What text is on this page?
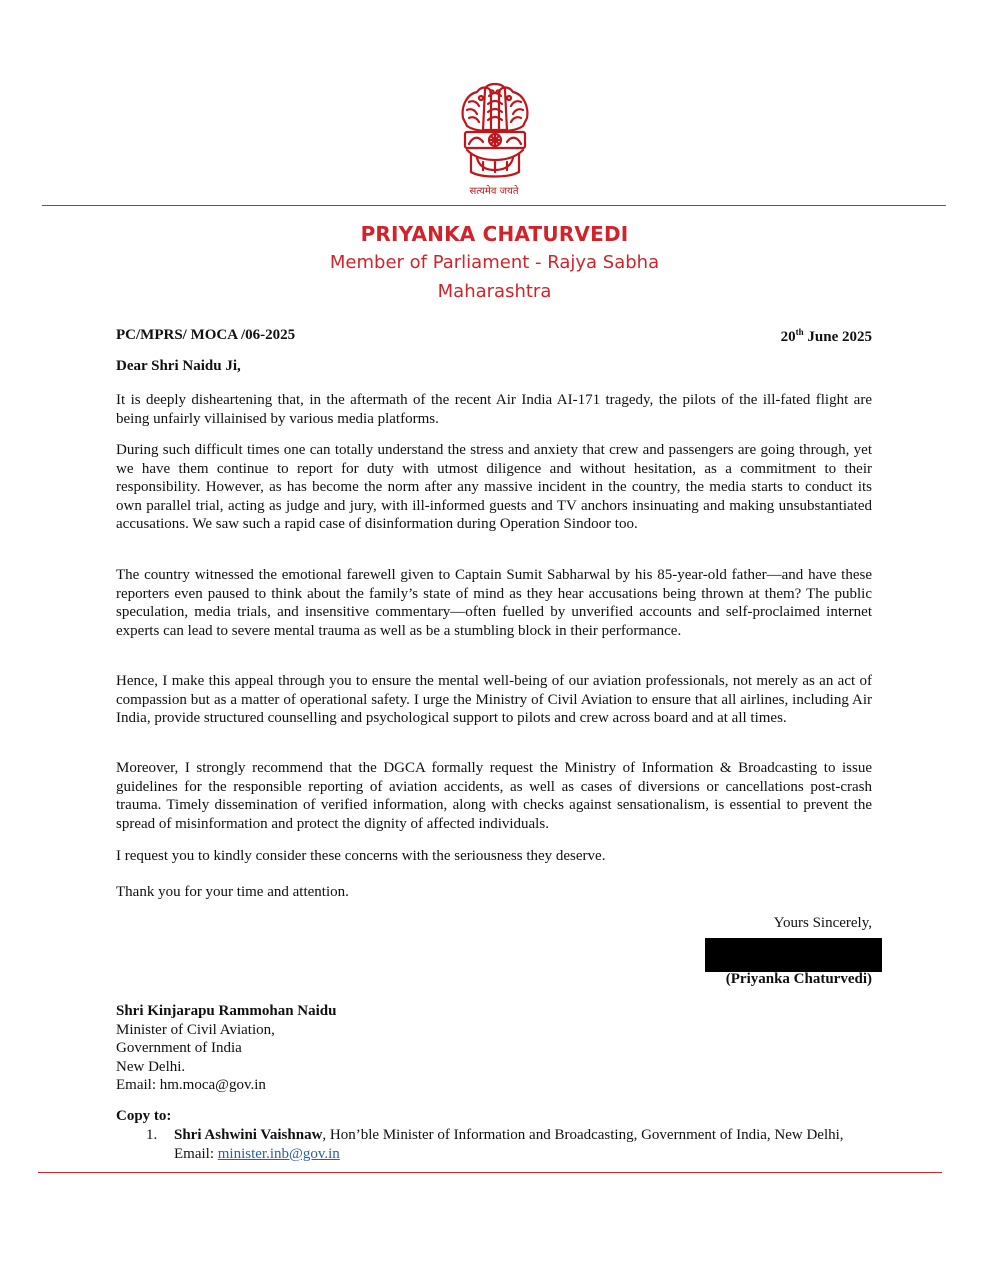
सत्यमेव जयते
PRIYANKA CHATURVEDI
Member of Parliament - Rajya Sabha
Maharashtra
PC/MPRS/ MOCA /06-2025	20th June 2025
Dear Shri Naidu Ji,

It is deeply disheartening that, in the aftermath of the recent Air India AI-171 tragedy, the pilots of the ill-fated flight are being unfairly villainised by various media platforms.

During such difficult times one can totally understand the stress and anxiety that crew and passengers are going through, yet we have them continue to report for duty with utmost diligence and without hesitation, as a commitment to their responsibility. However, as has become the norm after any massive incident in the country, the media starts to conduct its own parallel trial, acting as judge and jury, with ill-informed guests and TV anchors insinuating and making unsubstantiated accusations. We saw such a rapid case of disinformation during Operation Sindoor too.

The country witnessed the emotional farewell given to Captain Sumit Sabharwal by his 85-year-old father—and have these reporters even paused to think about the family’s state of mind as they hear accusations being thrown at them? The public speculation, media trials, and insensitive commentary—often fuelled by unverified accounts and self-proclaimed internet experts can lead to severe mental trauma as well as be a stumbling block in their performance.

Hence, I make this appeal through you to ensure the mental well-being of our aviation professionals, not merely as an act of compassion but as a matter of operational safety. I urge the Ministry of Civil Aviation to ensure that all airlines, including Air India, provide structured counselling and psychological support to pilots and crew across board and at all times.

Moreover, I strongly recommend that the DGCA formally request the Ministry of Information & Broadcasting to issue guidelines for the responsible reporting of aviation accidents, as well as cases of diversions or cancellations post-crash trauma. Timely dissemination of verified information, along with checks against sensationalism, is essential to prevent the spread of misinformation and protect the dignity of affected individuals.

I request you to kindly consider these concerns with the seriousness they deserve.

Thank you for your time and attention.

Yours Sincerely,
(Priyanka Chaturvedi)
Shri Kinjarapu Rammohan Naidu
Minister of Civil Aviation,
Government of India
New Delhi.
Email: hm.moca@gov.in
Copy to:
1. Shri Ashwini Vaishnaw, Hon’ble Minister of Information and Broadcasting, Government of India, New Delhi, Email: minister.inb@gov.in
